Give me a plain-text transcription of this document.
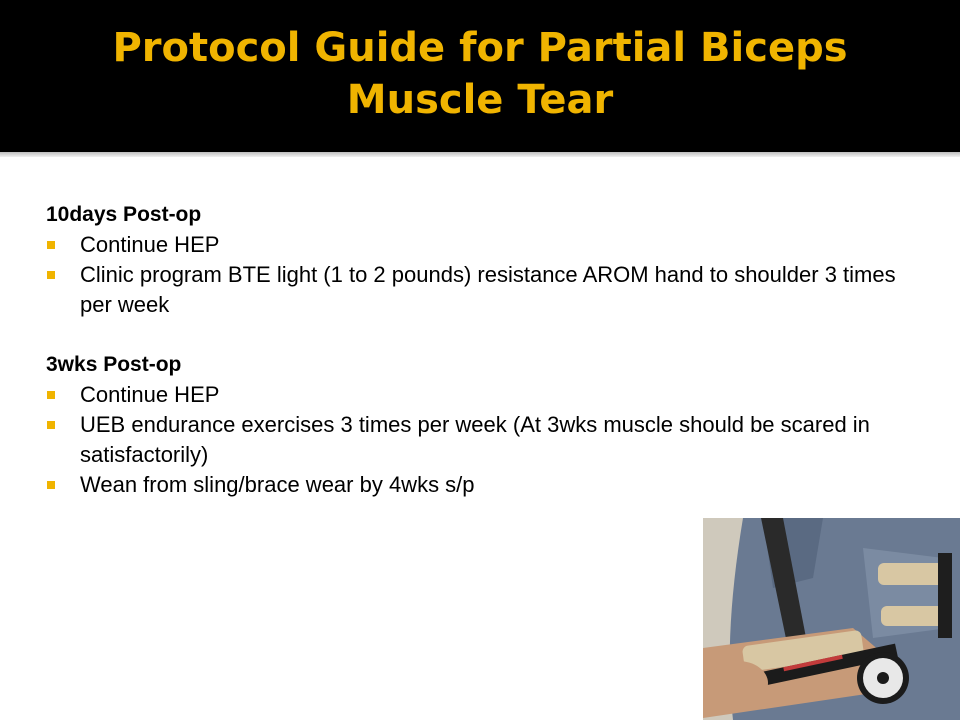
Protocol Guide for Partial Biceps
Muscle Tear
10days Post-op
Continue HEP
Clinic program BTE light (1 to 2 pounds) resistance AROM hand to shoulder 3 times per week
3wks Post-op
Continue HEP
UEB endurance exercises 3 times per week (At 3wks muscle should be scared in satisfactorily)
Wean from sling/brace wear by 4wks s/p
